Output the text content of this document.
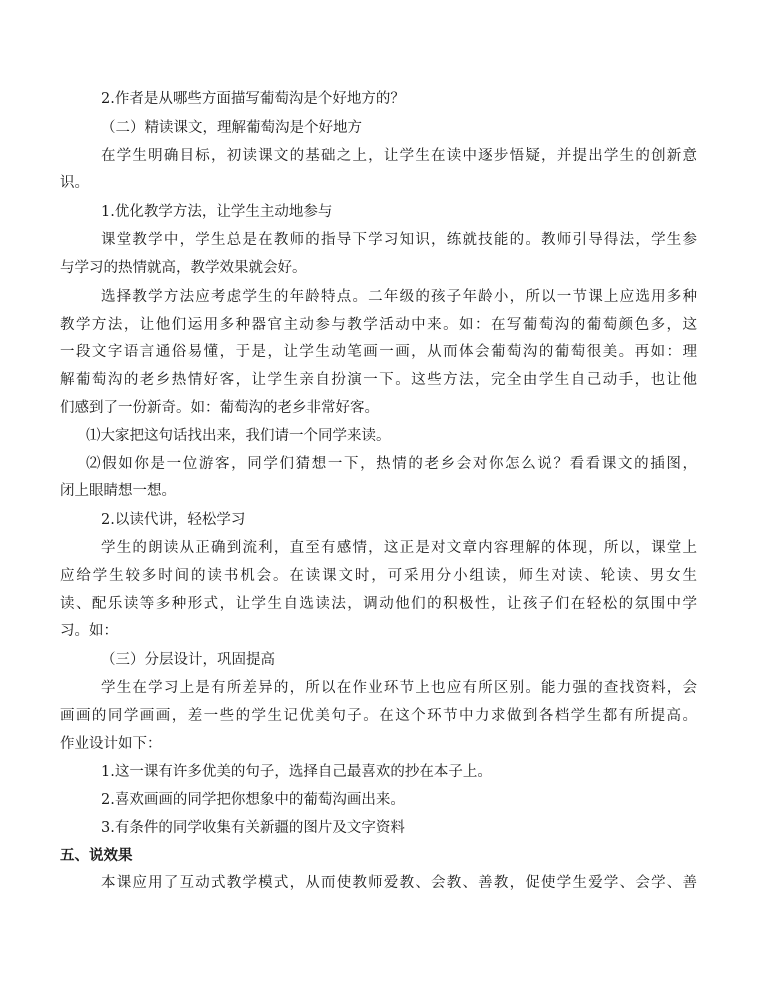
2.作者是从哪些方面描写葡萄沟是个好地方的？
（二）精读课文，理解葡萄沟是个好地方
在学生明确目标，初读课文的基础之上，让学生在读中逐步悟疑，并提出学生的创新意
识。
1.优化教学方法，让学生主动地参与
课堂教学中，学生总是在教师的指导下学习知识，练就技能的。教师引导得法，学生参
与学习的热情就高，教学效果就会好。
选择教学方法应考虑学生的年龄特点。二年级的孩子年龄小，所以一节课上应选用多种
教学方法，让他们运用多种器官主动参与教学活动中来。如：在写葡萄沟的葡萄颜色多，这
一段文字语言通俗易懂，于是，让学生动笔画一画，从而体会葡萄沟的葡萄很美。再如：理
解葡萄沟的老乡热情好客，让学生亲自扮演一下。这些方法，完全由学生自己动手，也让他
们感到了一份新奇。如：葡萄沟的老乡非常好客。
⑴大家把这句话找出来，我们请一个同学来读。
⑵假如你是一位游客，同学们猜想一下，热情的老乡会对你怎么说？看看课文的插图，
闭上眼睛想一想。
2.以读代讲，轻松学习
学生的朗读从正确到流利，直至有感情，这正是对文章内容理解的体现，所以，课堂上
应给学生较多时间的读书机会。在读课文时，可采用分小组读，师生对读、轮读、男女生
读、配乐读等多种形式，让学生自选读法，调动他们的积极性，让孩子们在轻松的氛围中学
习。如：
（三）分层设计，巩固提高
学生在学习上是有所差异的，所以在作业环节上也应有所区别。能力强的查找资料，会
画画的同学画画，差一些的学生记优美句子。在这个环节中力求做到各档学生都有所提高。
作业设计如下：
1.这一课有许多优美的句子，选择自己最喜欢的抄在本子上。
2.喜欢画画的同学把你想象中的葡萄沟画出来。
3.有条件的同学收集有关新疆的图片及文字资料
五、说效果
本课应用了互动式教学模式，从而使教师爱教、会教、善教，促使学生爱学、会学、善
